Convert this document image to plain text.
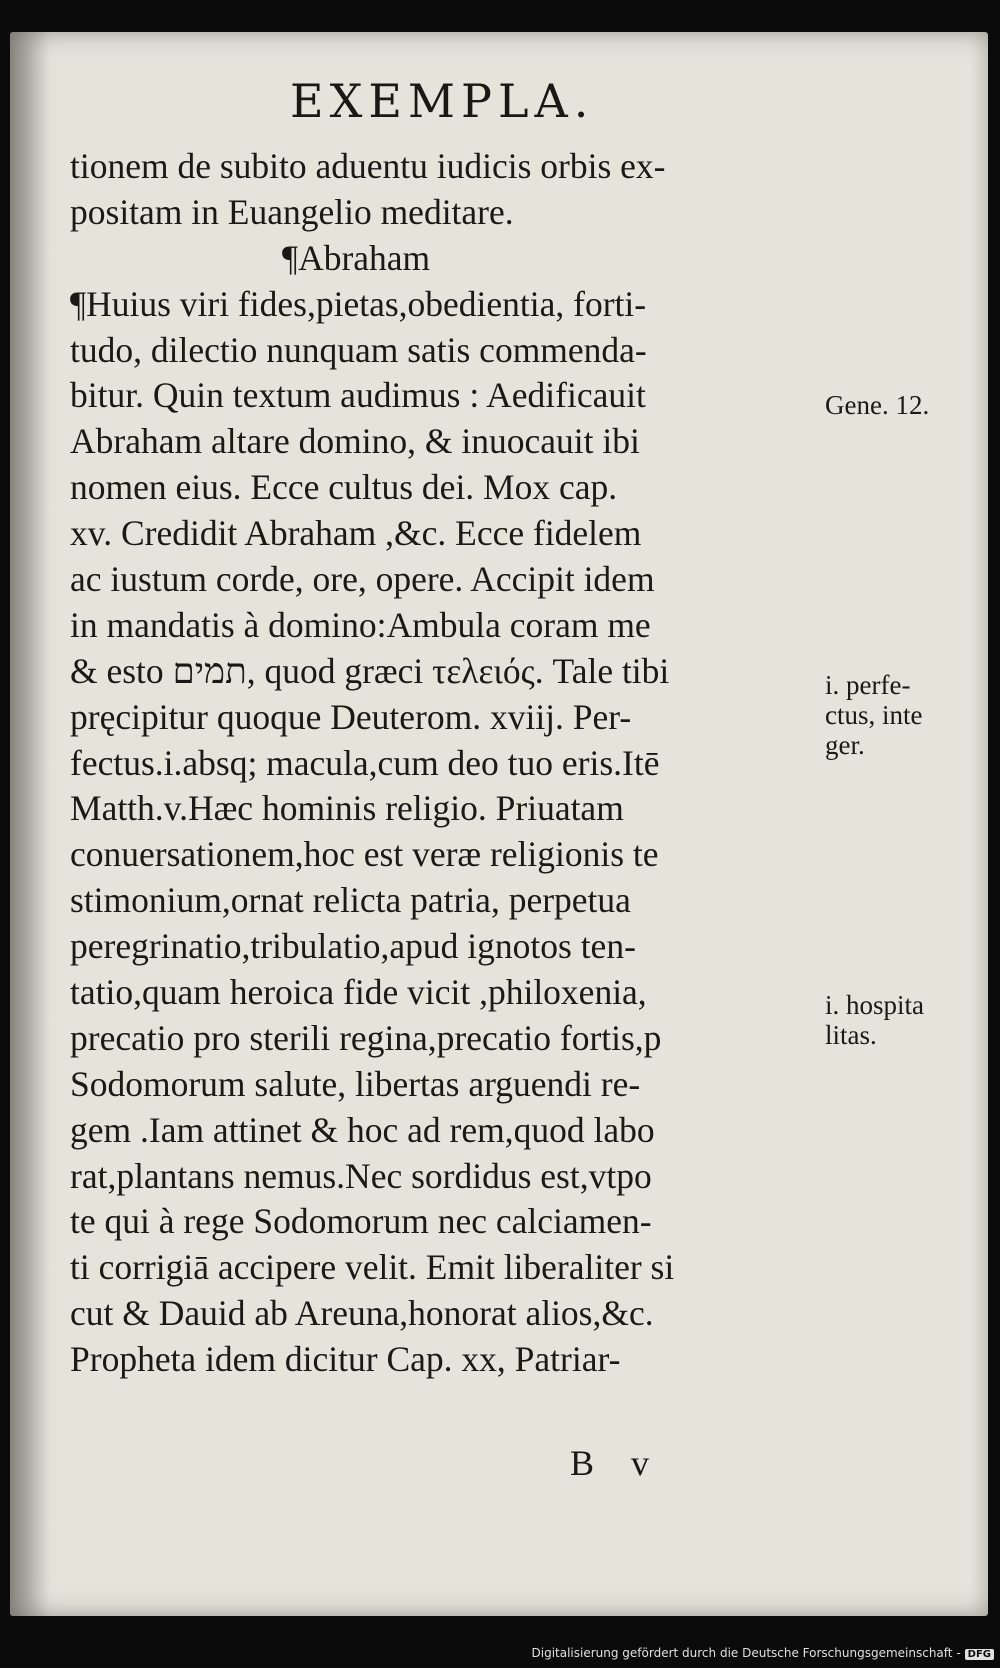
EXEMPLA.
tionem de subito aduentu iudicis orbis ex-
positam in Euangelio meditare.
¶Abraham
¶Huius viri fides,pietas,obedientia, forti-
tudo, dilectio nunquam satis commenda-
bitur. Quin textum audimus : Aedificauit
Abraham altare domino, & inuocauit ibi
nomen eius. Ecce cultus dei. Mox cap.
xv. Credidit Abraham ,&c. Ecce fidelem
ac iustum corde, ore, opere. Accipit idem
in mandatis à domino:Ambula coram me
& esto תמים, quod græci τελειός. Tale tibi
pręcipitur quoque Deuterom. xviij. Per-
fectus.i.absq; macula,cum deo tuo eris.Itē
Matth.v.Hæc hominis religio. Priuatam
conuersationem,hoc est veræ religionis te
stimonium,ornat relicta patria, perpetua
peregrinatio,tribulatio,apud ignotos ten-
tatio,quam heroica fide vicit ,philoxenia,
precatio pro sterili regina,precatio fortis,p
Sodomorum salute, libertas arguendi re-
gem .Iam attinet & hoc ad rem,quod labo
rat,plantans nemus.Nec sordidus est,vtpo
te qui à rege Sodomorum nec calciamen-
ti corrigiā accipere velit. Emit liberaliter si
cut & Dauid ab Areuna,honorat alios,&c.
Propheta idem dicitur Cap. xx, Patriar-
Gene. 12.
i. perfe-
ctus, inte
ger.
i. hospita
litas.
B v
Digitalisierung gefördert durch die Deutsche Forschungsgemeinschaft - DFG
